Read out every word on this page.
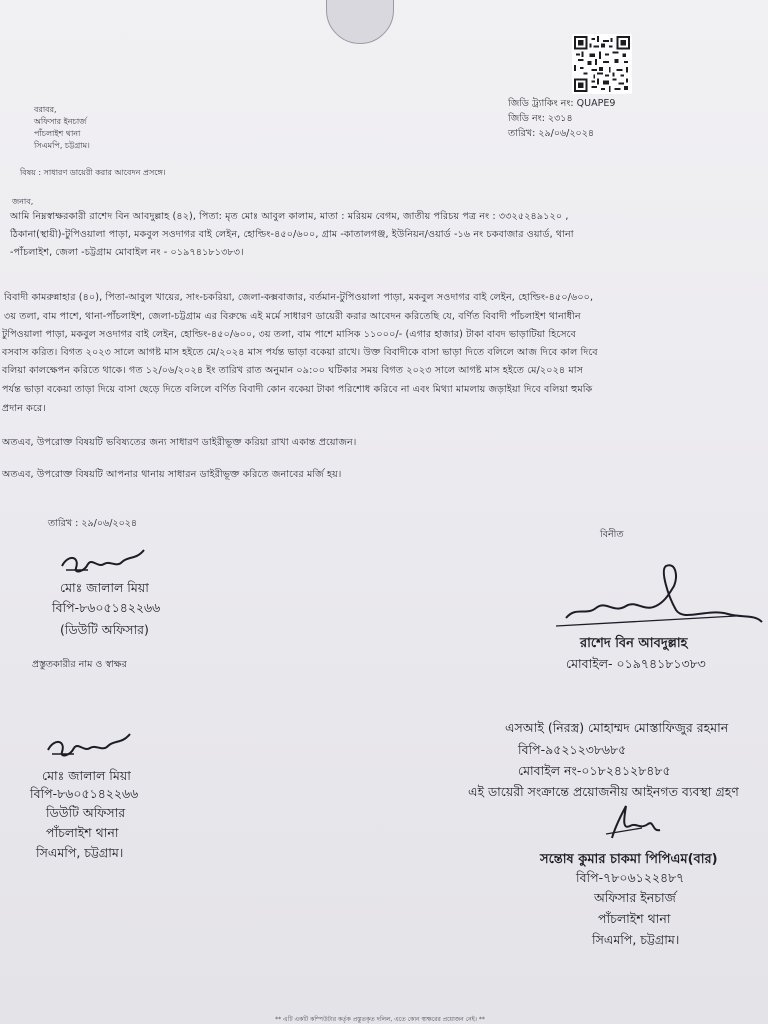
জিডি ট্র্যাকিং নং: QUAPE9
জিডি নং: ২৩১৪
তারিখ: ২৯/০৬/২০২৪
বরাবর,
অফিসার ইনচার্জ
পাঁচলাইশ থানা
সিএমপি, চট্টগ্রাম।
বিষয় : সাধারণ ডায়েরী করার আবেদন প্রসঙ্গে।
জনাব,
আমি নিম্নস্বাক্ষরকারী রাশেদ বিন আবদুল্লাহ (৪২), পিতা: মৃত মোঃ আবুল কালাম, মাতা : মরিয়ম বেগম, জাতীয় পরিচয় পত্র নং : ৩৩২৫২৪৯১২০ ,
ঠিকানা(স্থায়ী)-টুপিওয়ালা পাড়া, মকবুল সওদাগর বাই লেইন, হোল্ডিং-৪৫০/৬০০, গ্রাম -কাতালগঞ্জ, ইউনিয়ন/ওয়ার্ড -১৬ নং চকবাজার ওয়ার্ড, থানা
-পাঁচলাইশ, জেলা -চট্টগ্রাম মোবাইল নং - ০১৯৭৪১৮১৩৮৩।
বিবাদী কামরুন্নাহার (৪০), পিতা-আবুল খায়ের, সাং-চকরিয়া, জেলা-কক্সবাজার, বর্তমান-টুপিওয়ালা পাড়া, মকবুল সওদাগর বাই লেইন, হোল্ডিং-৪৫০/৬০০,
৩য় তলা, বাম পাশে, থানা-পাঁচলাইশ, জেলা-চট্টগ্রাম এর বিরুদ্ধে এই মর্মে সাধারণ ডায়েরী করার আবেদন করিতেছি যে, বর্ণিত বিবাদী পাঁচলাইশ থানাধীন
টুপিওয়ালা পাড়া, মকবুল সওদাগর বাই লেইন, হোল্ডিং-৪৫০/৬০০, ৩য় তলা, বাম পাশে মাসিক ১১০০০/- (এগার হাজার) টাকা বাবদ ভাড়াটিয়া হিসেবে
বসবাস করিত। বিগত ২০২৩ সালে আগষ্ট মাস হইতে মে/২০২৪ মাস পর্যন্ত ভাড়া বকেয়া রাখে। উক্ত বিবাদীকে বাসা ভাড়া দিতে বলিলে আজ দিবে কাল দিবে
বলিয়া কালক্ষেপন করিতে থাকে। গত ১২/০৬/২০২৪ ইং তারিখ রাত অনুমান ০৯:০০ ঘটিকার সময় বিগত ২০২৩ সালে আগষ্ট মাস হইতে মে/২০২৪ মাস
পর্যন্ত ভাড়া বকেয়া তাড়া দিয়ে বাসা ছেড়ে দিতে বলিলে বর্ণিত বিবাদী কোন বকেয়া টাকা পরিশোধ করিবে না এবং মিথ্যা মামলায় জড়াইয়া দিবে বলিয়া হুমকি
প্রদান করে।
অতএব, উপরোক্ত বিষয়টি ভবিষ্যতের জন্য সাধারণ ডাইরীভূক্ত করিয়া রাখা একান্ত প্রয়োজন।
অতএব, উপরোক্ত বিষয়টি আপনার থানায় সাধারন ডাইরীভূক্ত করিতে জনাবের মর্জি হয়।
তারিখ : ২৯/০৬/২০২৪
বিনীত
মোঃ জালাল মিয়া
বিপি-৮৬০৫১৪২২৬৬
(ডিউটি অফিসার)
প্রস্তুতকারীর নাম ও স্বাক্ষর
রাশেদ বিন আবদুল্লাহ
মোবাইল- ০১৯৭৪১৮১৩৮৩
মোঃ জালাল মিয়া
বিপি-৮৬০৫১৪২২৬৬
ডিউটি অফিসার
পাঁচলাইশ থানা
সিএমপি, চট্টগ্রাম।
এসআই (নিরস্ত্র) মোহাম্মদ মোস্তাফিজুর রহমান
বিপি-৯৫২১২৩৮৬৮৫
মোবাইল নং-০১৮২৪১২৮৪৮৫
এই ডায়েরী সংক্রান্তে প্রয়োজনীয় আইনগত ব্যবস্থা গ্রহণ
সন্তোষ কুমার চাকমা পিপিএম(বার)
বিপি-৭৮০৬১২২৪৮৭
অফিসার ইনচার্জ
পাঁচলাইশ থানা
সিএমপি, চট্টগ্রাম।
** এটি একটি কম্পিউটার কর্তৃক প্রস্তুতকৃত দলিল, এতে কোন স্বাক্ষরের প্রয়োজন নেই। **
